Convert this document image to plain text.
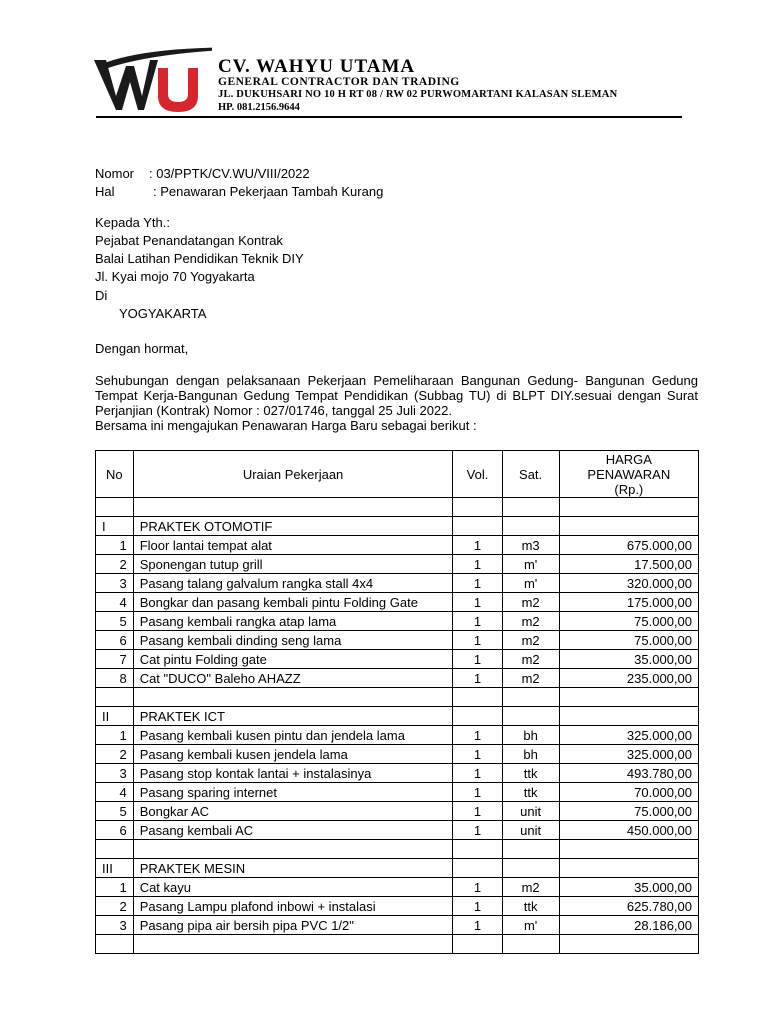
CV. WAHYU UTAMA
GENERAL CONTRACTOR DAN TRADING
JL. DUKUHSARI NO 10 H RT 08 / RW 02 PURWOMARTANI KALASAN SLEMAN
HP. 081.2156.9644
Nomor : 03/PPTK/CV.WU/VIII/2022
Hal	: Penawaran Pekerjaan Tambah Kurang
Kepada Yth.:
Pejabat Penandatangan Kontrak
Balai Latihan Pendidikan Teknik DIY
Jl. Kyai mojo 70 Yogyakarta
Di
YOGYAKARTA
Dengan hormat,
Sehubungan dengan pelaksanaan Pekerjaan Pemeliharaan Bangunan Gedung- Bangunan Gedung Tempat Kerja-Bangunan Gedung Tempat Pendidikan (Subbag TU) di BLPT DIY.sesuai dengan Surat Perjanjian (Kontrak) Nomor : 027/01746, tanggal 25 Juli 2022.
Bersama ini mengajukan Penawaran Harga Baru sebagai berikut :
No	Uraian Pekerjaan	Vol.	Sat.	HARGA PENAWARAN
(Rp.)

I	PRAKTEK OTOMOTIF			
1	Floor lantai tempat alat	1	m3	675.000,00
2	Sponengan tutup grill	1	m'	17.500,00
3	Pasang talang galvalum rangka stall 4x4	1	m'	320.000,00
4	Bongkar dan pasang kembali pintu Folding Gate	1	m2	175.000,00
5	Pasang kembali rangka atap lama	1	m2	75.000,00
6	Pasang kembali dinding seng lama	1	m2	75.000,00
7	Cat pintu Folding gate	1	m2	35.000,00
8	Cat "DUCO" Baleho AHAZZ	1	m2	235.000,00

II	PRAKTEK ICT			
1	Pasang kembali kusen pintu dan jendela lama	1	bh	325.000,00
2	Pasang kembali kusen jendela lama	1	bh	325.000,00
3	Pasang stop kontak lantai + instalasinya	1	ttk	493.780,00
4	Pasang sparing internet	1	ttk	70.000,00
5	Bongkar AC	1	unit	75.000,00
6	Pasang kembali AC	1	unit	450.000,00

III	PRAKTEK MESIN			
1	Cat kayu	1	m2	35.000,00
2	Pasang Lampu plafond inbowi + instalasi	1	ttk	625.780,00
3	Pasang pipa air bersih pipa PVC 1/2"	1	m'	28.186,00
